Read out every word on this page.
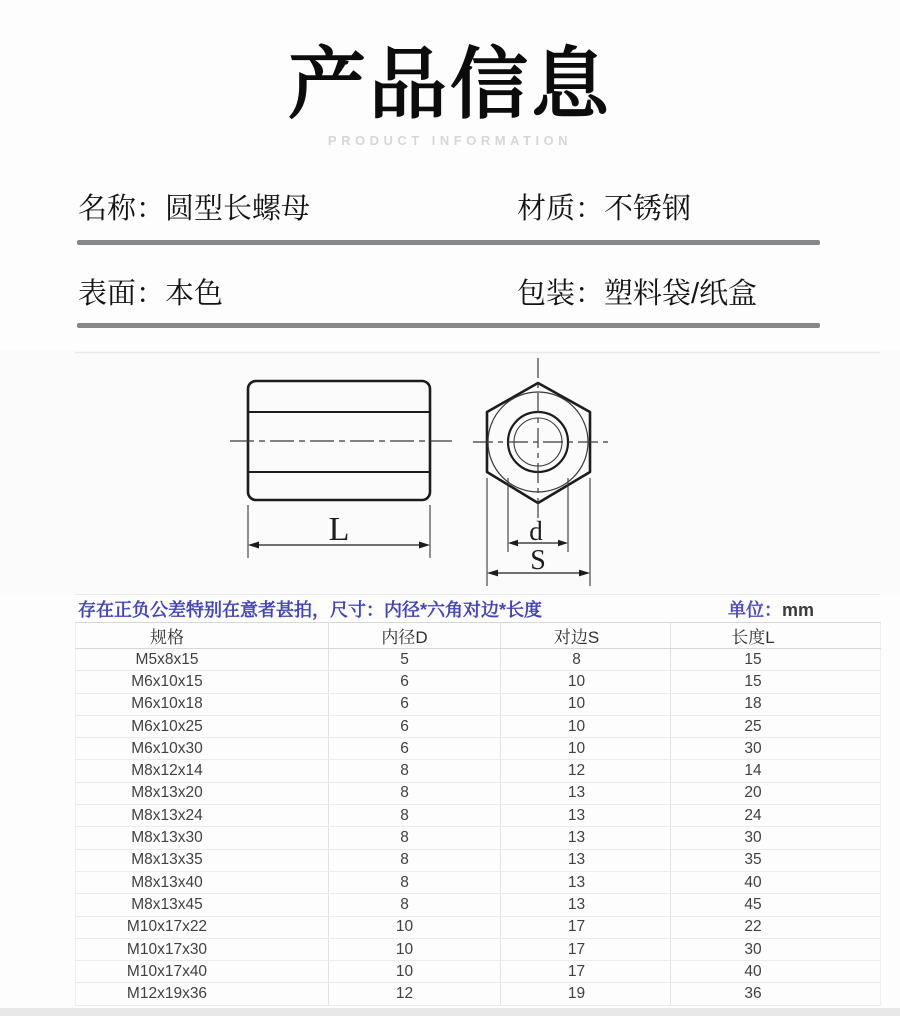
产品信息
PRODUCT INFORMATION
名称：圆型长螺母	材质：不锈钢
表面：本色	包装：塑料袋/纸盒
L	d
S
存在正负公差特别在意者甚拍，尺寸：内径*六角对边*长度	单位：mm
规格	内径D	对边S	长度L
M5x8x15	5	8	15
M6x10x15	6	10	15
M6x10x18	6	10	18
M6x10x25	6	10	25
M6x10x30	6	10	30
M8x12x14	8	12	14
M8x13x20	8	13	20
M8x13x24	8	13	24
M8x13x30	8	13	30
M8x13x35	8	13	35
M8x13x40	8	13	40
M8x13x45	8	13	45
M10x17x22	10	17	22
M10x17x30	10	17	30
M10x17x40	10	17	40
M12x19x36	12	19	36
